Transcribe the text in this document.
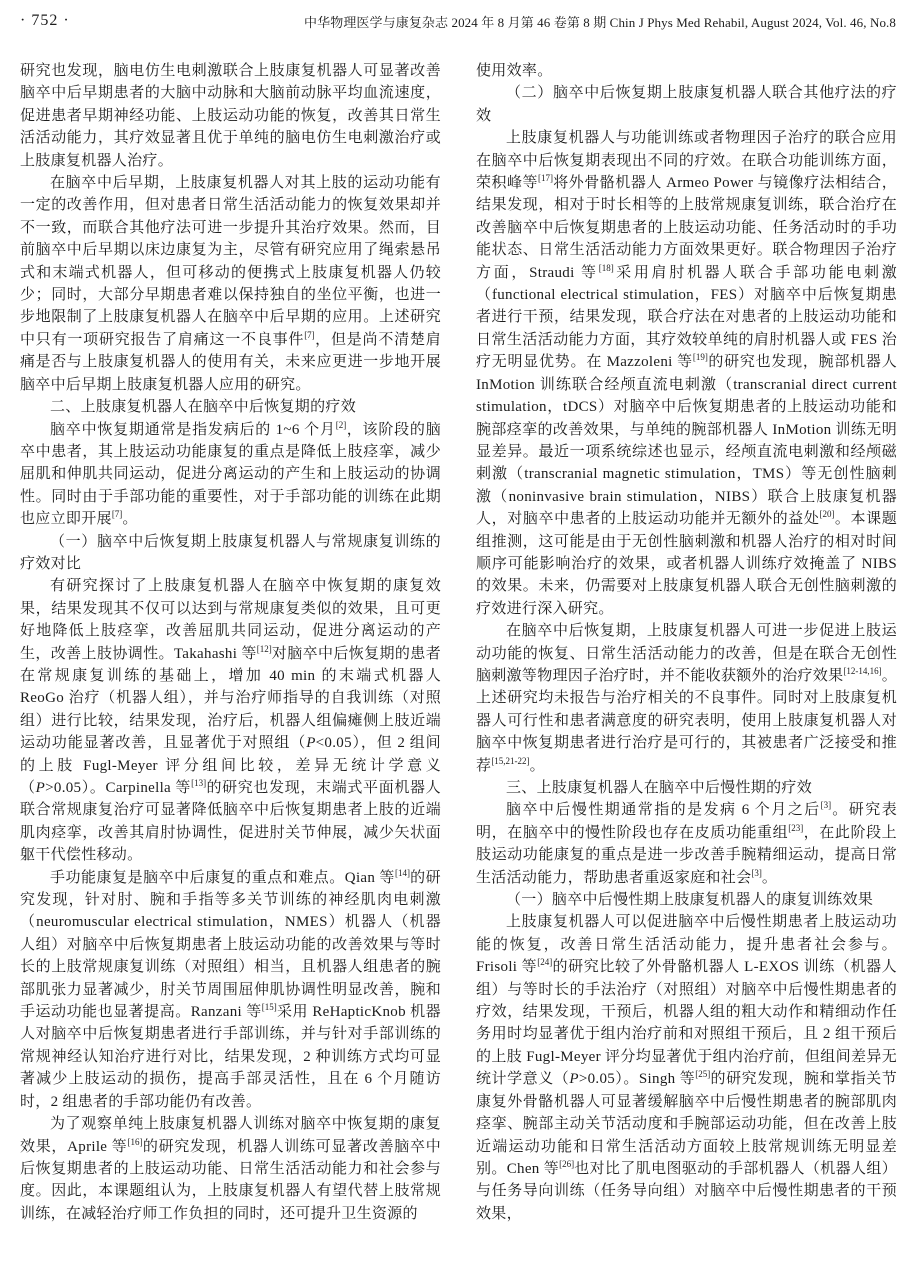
· 752 ·	中华物理医学与康复杂志 2024 年 8 月第 46 卷第 8 期 Chin J Phys Med Rehabil, August 2024, Vol. 46, No.8

研究也发现，脑电仿生电刺激联合上肢康复机器人可显著改善脑卒中后早期患者的大脑中动脉和大脑前动脉平均血流速度，促进患者早期神经功能、上肢运动功能的恢复，改善其日常生活活动能力，其疗效显著且优于单纯的脑电仿生电刺激治疗或上肢康复机器人治疗。

在脑卒中后早期，上肢康复机器人对其上肢的运动功能有一定的改善作用，但对患者日常生活活动能力的恢复效果却并不一致，而联合其他疗法可进一步提升其治疗效果。然而，目前脑卒中后早期以床边康复为主，尽管有研究应用了绳索悬吊式和末端式机器人，但可移动的便携式上肢康复机器人仍较少；同时，大部分早期患者难以保持独自的坐位平衡，也进一步地限制了上肢康复机器人在脑卒中后早期的应用。上述研究中只有一项研究报告了肩痛这一不良事件[7]，但是尚不清楚肩痛是否与上肢康复机器人的使用有关，未来应更进一步地开展脑卒中后早期上肢康复机器人应用的研究。

二、上肢康复机器人在脑卒中后恢复期的疗效

脑卒中恢复期通常是指发病后的 1~6 个月[2]，该阶段的脑卒中患者，其上肢运动功能康复的重点是降低上肢痉挛，减少屈肌和伸肌共同运动，促进分离运动的产生和上肢运动的协调性。同时由于手部功能的重要性，对于手部功能的训练在此期也应立即开展[7]。

（一）脑卒中后恢复期上肢康复机器人与常规康复训练的疗效对比

有研究探讨了上肢康复机器人在脑卒中恢复期的康复效果，结果发现其不仅可以达到与常规康复类似的效果，且可更好地降低上肢痉挛，改善屈肌共同运动，促进分离运动的产生，改善上肢协调性。Takahashi 等[12]对脑卒中后恢复期的患者在常规康复训练的基础上，增加 40 min 的末端式机器人 ReoGo 治疗（机器人组），并与治疗师指导的自我训练（对照组）进行比较，结果发现，治疗后，机器人组偏瘫侧上肢近端运动功能显著改善，且显著优于对照组（P<0.05），但 2 组间的上肢 Fugl-Meyer 评分组间比较，差异无统计学意义（P>0.05）。Carpinella 等[13]的研究也发现，末端式平面机器人联合常规康复治疗可显著降低脑卒中后恢复期患者上肢的近端肌肉痉挛，改善其肩肘协调性，促进肘关节伸展，减少矢状面躯干代偿性移动。

手功能康复是脑卒中后康复的重点和难点。Qian 等[14]的研究发现，针对肘、腕和手指等多关节训练的神经肌肉电刺激（neuromuscular electrical stimulation，NMES）机器人（机器人组）对脑卒中后恢复期患者上肢运动功能的改善效果与等时长的上肢常规康复训练（对照组）相当，且机器人组患者的腕部肌张力显著减少，肘关节周围屈伸肌协调性明显改善，腕和手运动功能也显著提高。Ranzani 等[15]采用 ReHapticKnob 机器人对脑卒中后恢复期患者进行手部训练，并与针对手部训练的常规神经认知治疗进行对比，结果发现，2 种训练方式均可显著减少上肢运动的损伤，提高手部灵活性，且在 6 个月随访时，2 组患者的手部功能仍有改善。

为了观察单纯上肢康复机器人训练对脑卒中恢复期的康复效果，Aprile 等[16]的研究发现，机器人训练可显著改善脑卒中后恢复期患者的上肢运动功能、日常生活活动能力和社会参与度。因此，本课题组认为，上肢康复机器人有望代替上肢常规训练，在减轻治疗师工作负担的同时，还可提升卫生资源的

使用效率。

（二）脑卒中后恢复期上肢康复机器人联合其他疗法的疗效

上肢康复机器人与功能训练或者物理因子治疗的联合应用在脑卒中后恢复期表现出不同的疗效。在联合功能训练方面，荣积峰等[17]将外骨骼机器人 Armeo Power 与镜像疗法相结合，结果发现，相对于时长相等的上肢常规康复训练，联合治疗在改善脑卒中后恢复期患者的上肢运动功能、任务活动时的手功能状态、日常生活活动能力方面效果更好。联合物理因子治疗方面，Straudi 等[18]采用肩肘机器人联合手部功能电刺激（functional electrical stimulation，FES）对脑卒中后恢复期患者进行干预，结果发现，联合疗法在对患者的上肢运动功能和日常生活活动能力方面，其疗效较单纯的肩肘机器人或 FES 治疗无明显优势。在 Mazzoleni 等[19]的研究也发现，腕部机器人 InMotion 训练联合经颅直流电刺激（transcranial direct current stimulation，tDCS）对脑卒中后恢复期患者的上肢运动功能和腕部痉挛的改善效果，与单纯的腕部机器人 InMotion 训练无明显差异。最近一项系统综述也显示，经颅直流电刺激和经颅磁刺激（transcranial magnetic stimulation，TMS）等无创性脑刺激（noninvasive brain stimulation，NIBS）联合上肢康复机器人，对脑卒中患者的上肢运动功能并无额外的益处[20]。本课题组推测，这可能是由于无创性脑刺激和机器人治疗的相对时间顺序可能影响治疗的效果，或者机器人训练疗效掩盖了 NIBS 的效果。未来，仍需要对上肢康复机器人联合无创性脑刺激的疗效进行深入研究。

在脑卒中后恢复期，上肢康复机器人可进一步促进上肢运动功能的恢复、日常生活活动能力的改善，但是在联合无创性脑刺激等物理因子治疗时，并不能收获额外的治疗效果[12-14,16]。上述研究均未报告与治疗相关的不良事件。同时对上肢康复机器人可行性和患者满意度的研究表明，使用上肢康复机器人对脑卒中恢复期患者进行治疗是可行的，其被患者广泛接受和推荐[15,21-22]。

三、上肢康复机器人在脑卒中后慢性期的疗效

脑卒中后慢性期通常指的是发病 6 个月之后[3]。研究表明，在脑卒中的慢性阶段也存在皮质功能重组[23]，在此阶段上肢运动功能康复的重点是进一步改善手腕精细运动，提高日常生活活动能力，帮助患者重返家庭和社会[3]。

（一）脑卒中后慢性期上肢康复机器人的康复训练效果

上肢康复机器人可以促进脑卒中后慢性期患者上肢运动功能的恢复，改善日常生活活动能力，提升患者社会参与。Frisoli 等[24]的研究比较了外骨骼机器人 L-EXOS 训练（机器人组）与等时长的手法治疗（对照组）对脑卒中后慢性期患者的疗效，结果发现，干预后，机器人组的粗大动作和精细动作任务用时均显著优于组内治疗前和对照组干预后，且 2 组干预后的上肢 Fugl-Meyer 评分均显著优于组内治疗前，但组间差异无统计学意义（P>0.05）。Singh 等[25]的研究发现，腕和掌指关节康复外骨骼机器人可显著缓解脑卒中后慢性期患者的腕部肌肉痉挛、腕部主动关节活动度和手腕部运动功能，但在改善上肢近端运动功能和日常生活活动方面较上肢常规训练无明显差别。Chen 等[26]也对比了肌电图驱动的手部机器人（机器人组）与任务导向训练（任务导向组）对脑卒中后慢性期患者的干预效果，
